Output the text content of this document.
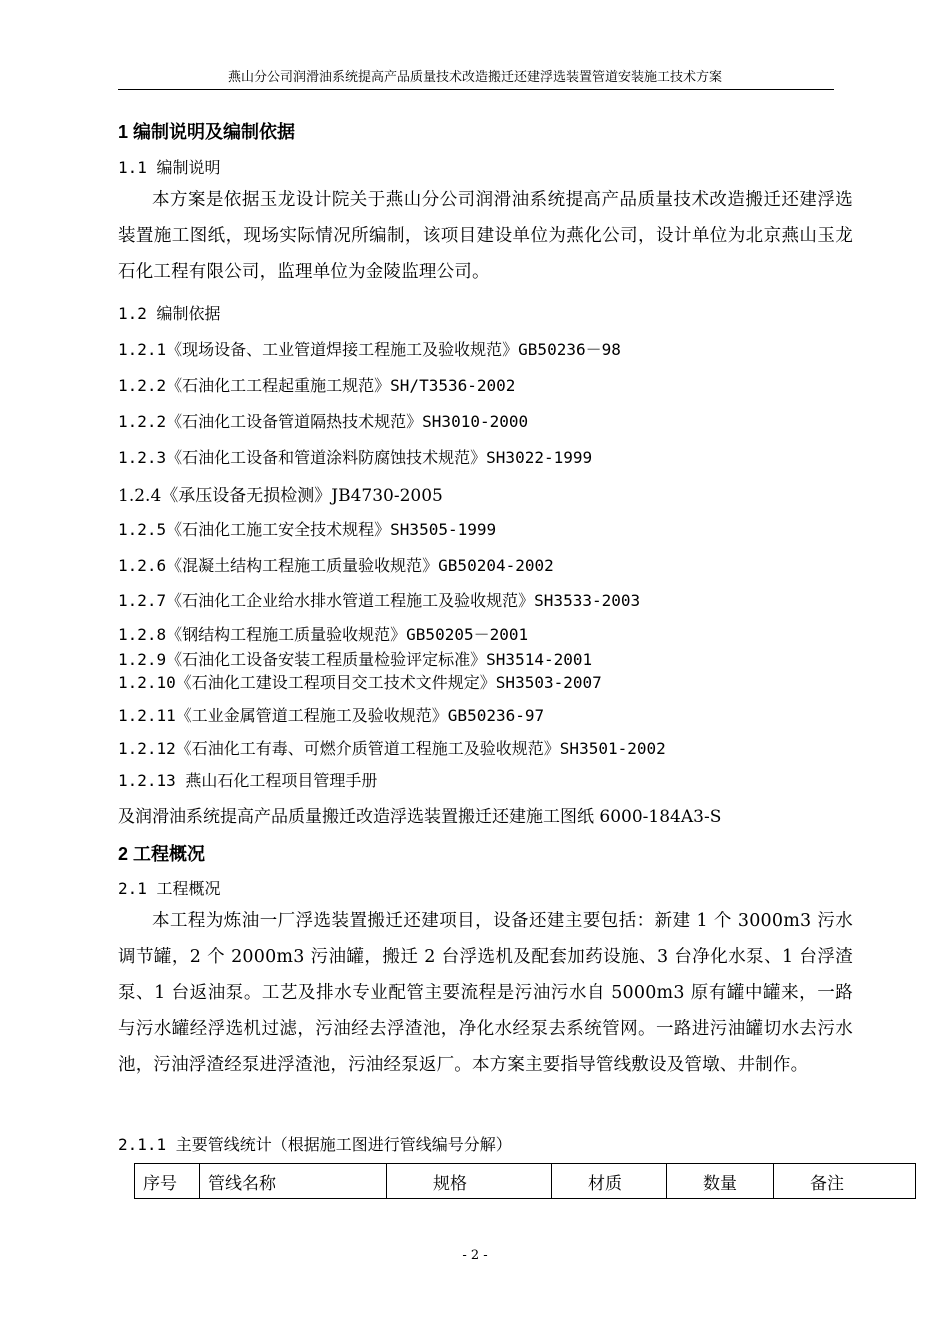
燕山分公司润滑油系统提高产品质量技术改造搬迁还建浮选装置管道安装施工技术方案
1 编制说明及编制依据
1.1 编制说明
本方案是依据玉龙设计院关于燕山分公司润滑油系统提高产品质量技术改造搬迁还建浮选装置施工图纸，现场实际情况所编制，该项目建设单位为燕化公司，设计单位为北京燕山玉龙石化工程有限公司，监理单位为金陵监理公司。
1.2 编制依据
1.2.1《现场设备、工业管道焊接工程施工及验收规范》GB50236－98
1.2.2《石油化工工程起重施工规范》SH/T3536-2002
1.2.2《石油化工设备管道隔热技术规范》SH3010-2000
1.2.3《石油化工设备和管道涂料防腐蚀技术规范》SH3022-1999
1.2.4《承压设备无损检测》JB4730-2005
1.2.5《石油化工施工安全技术规程》SH3505-1999
1.2.6《混凝土结构工程施工质量验收规范》GB50204-2002
1.2.7《石油化工企业给水排水管道工程施工及验收规范》SH3533-2003
1.2.8《钢结构工程施工质量验收规范》GB50205－2001
1.2.9《石油化工设备安装工程质量检验评定标准》SH3514-2001
1.2.10《石油化工建设工程项目交工技术文件规定》SH3503-2007
1.2.11《工业金属管道工程施工及验收规范》GB50236-97
1.2.12《石油化工有毒、可燃介质管道工程施工及验收规范》SH3501-2002
1.2.13 燕山石化工程项目管理手册
及润滑油系统提高产品质量搬迁改造浮选装置搬迁还建施工图纸 6000-184A3-S
2 工程概况
2.1 工程概况
本工程为炼油一厂浮选装置搬迁还建项目，设备还建主要包括：新建 1 个 3000m3 污水调节罐，2 个 2000m3 污油罐，搬迁 2 台浮选机及配套加药设施、3 台净化水泵、1 台浮渣泵、1 台返油泵。工艺及排水专业配管主要流程是污油污水自 5000m3 原有罐中罐来，一路与污水罐经浮选机过滤，污油经去浮渣池，净化水经泵去系统管网。一路进污油罐切水去污水池，污油浮渣经泵进浮渣池，污油经泵返厂。本方案主要指导管线敷设及管墩、井制作。
2.1.1 主要管线统计（根据施工图进行管线编号分解）
序号	管线名称	规格	材质	数量	备注
- 2 -
